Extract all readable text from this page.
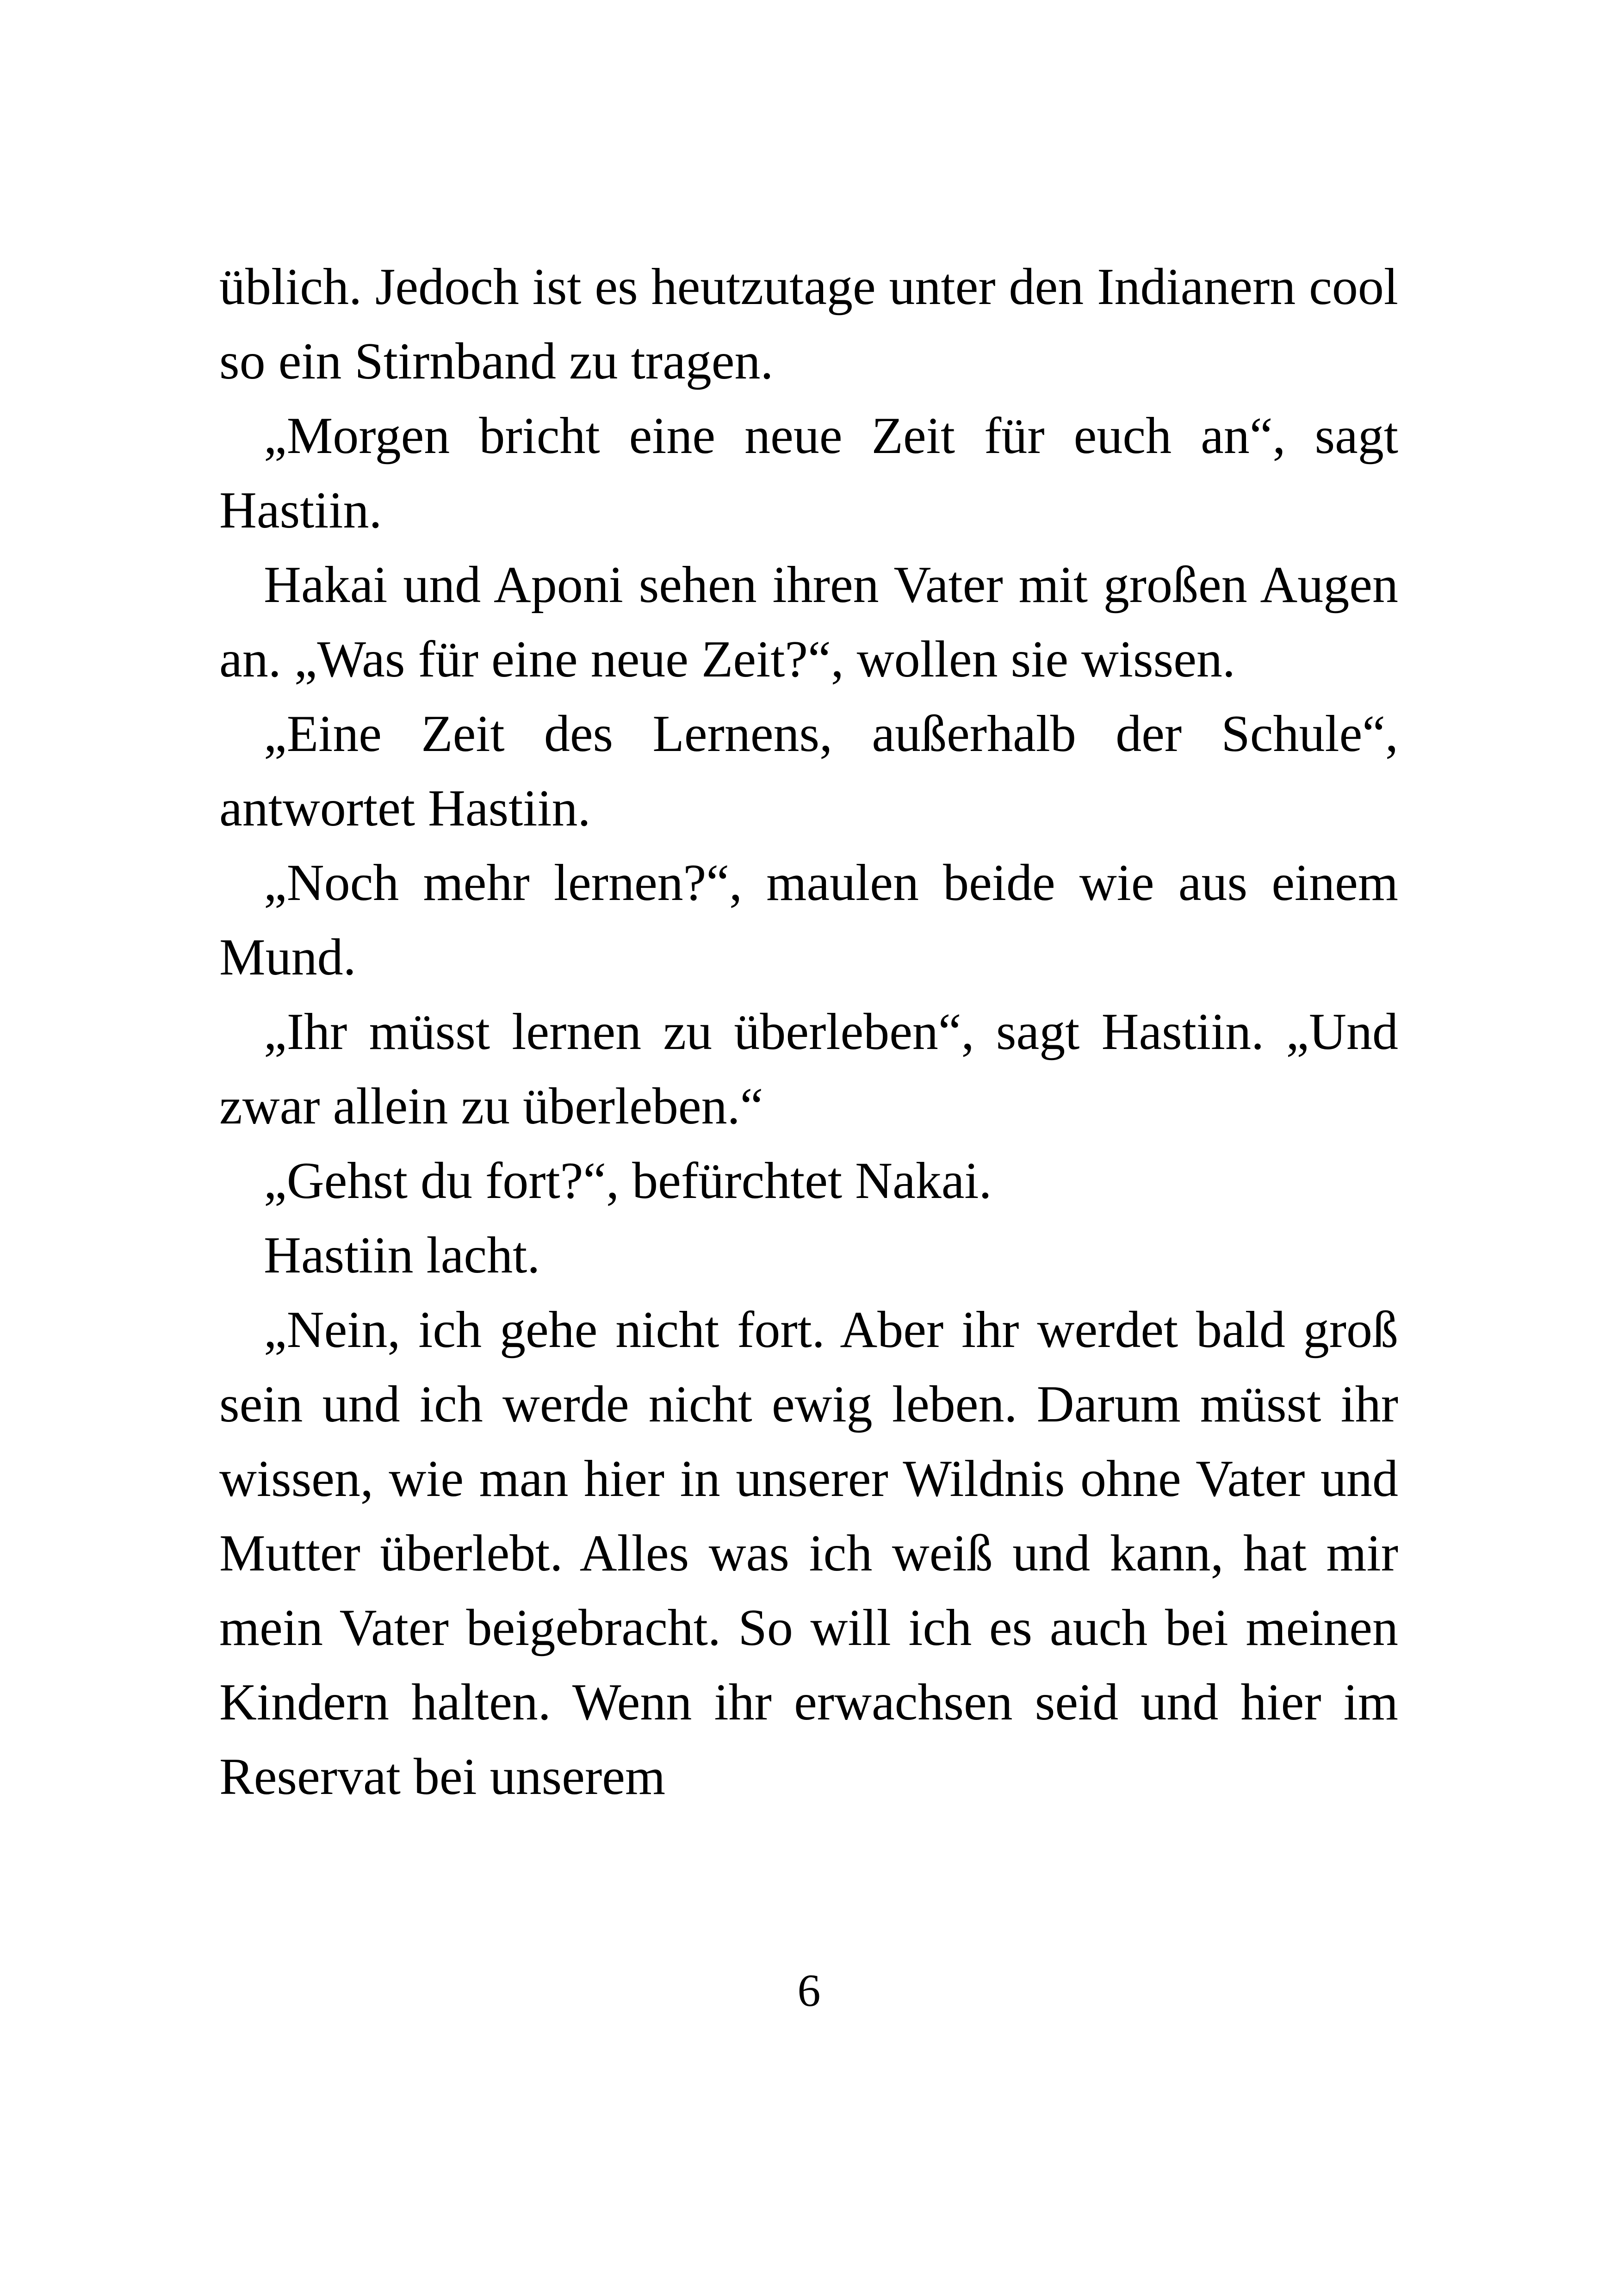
üblich. Jedoch ist es heutzutage unter den Indianern cool so ein Stirnband zu tragen.

„Morgen bricht eine neue Zeit für euch an“, sagt Hastiin.

Hakai und Aponi sehen ihren Vater mit großen Augen an. „Was für eine neue Zeit?“, wollen sie wissen.

„Eine Zeit des Lernens, außerhalb der Schule“, antwortet Hastiin.

„Noch mehr lernen?“, maulen beide wie aus einem Mund.

„Ihr müsst lernen zu überleben“, sagt Hastiin. „Und zwar allein zu überleben.“

„Gehst du fort?“, befürchtet Nakai.

Hastiin lacht.

„Nein, ich gehe nicht fort. Aber ihr werdet bald groß sein und ich werde nicht ewig leben. Darum müsst ihr wissen, wie man hier in unserer Wildnis ohne Vater und Mutter überlebt. Alles was ich weiß und kann, hat mir mein Vater beigebracht. So will ich es auch bei meinen Kindern halten. Wenn ihr erwachsen seid und hier im Reservat bei unserem

6
